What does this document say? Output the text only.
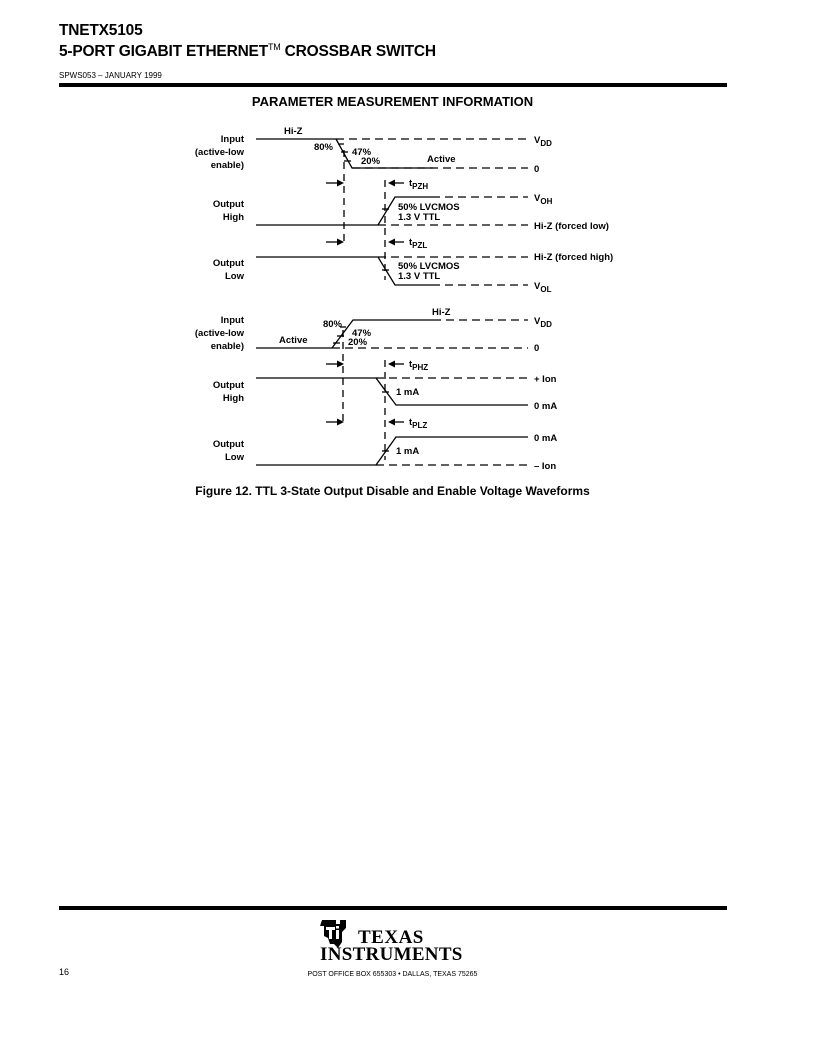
TNETX5105
5-PORT GIGABIT ETHERNET™ CROSSBAR SWITCH
SPWS053 – JANUARY 1999
PARAMETER MEASUREMENT INFORMATION
Input
(active-low
enable)
Hi-Z
80% 47%
20%	Active
$V_{DD}$
0
$t_{PZH}$
Output
High
50% LVCMOS
1.3 V TTL
$V_{OH}$
Hi-Z (forced low)
$t_{PZL}$
Output
Low
50% LVCMOS
1.3 V TTL
Hi-Z (forced high)
$V_{OL}$
Input
(active-low
enable)
Hi-Z
80%
47%
20%
Active
$V_{DD}$
0
$t_{PHZ}$
Output
High
+ Ion
1 mA
0 mA
$t_{PLZ}$
Output
Low
0 mA
1 mA
– Ion
Figure 12. TTL 3-State Output Disable and Enable Voltage Waveforms
TEXAS
INSTRUMENTS
16	POST OFFICE BOX 655303 • DALLAS, TEXAS 75265
